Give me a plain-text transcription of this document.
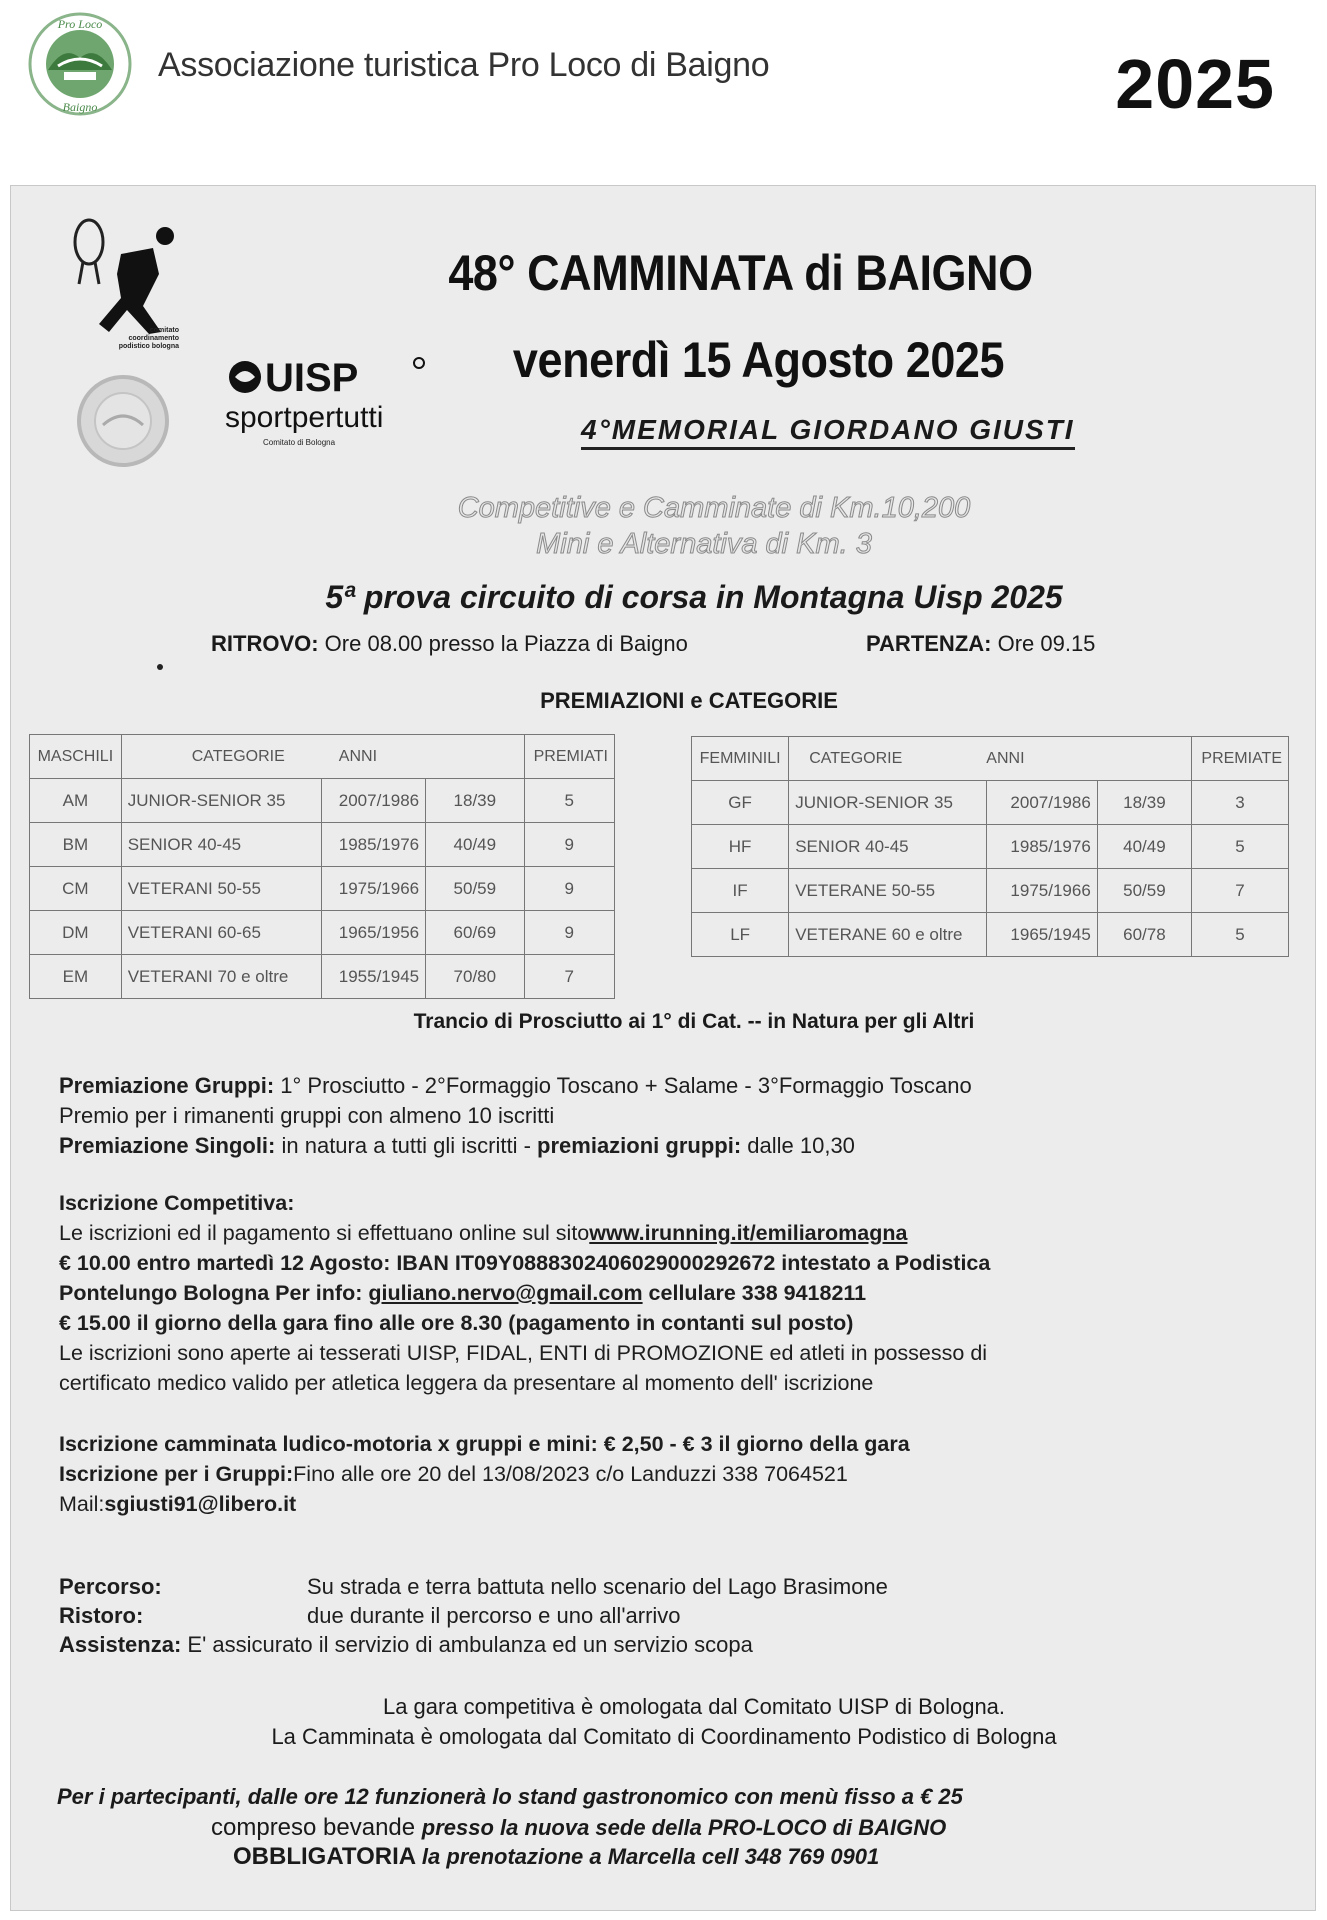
Pro Loco
Baigno
Associazione turistica Pro Loco di Baigno	2025
comitato
coordinamento
podistico bologna
UISP
sportpertutti
Comitato di Bologna
48° CAMMINATA di BAIGNO
venerdì 15 Agosto 2025
4°MEMORIAL GIORDANO GIUSTI
Competitive e Camminate di Km.10,200
Mini e Alternativa di Km. 3
5ª prova circuito di corsa in Montagna Uisp 2025
RITROVO: Ore 08.00 presso la Piazza di Baigno	PARTENZA: Ore 09.15
PREMIAZIONI e CATEGORIE
MASCHILI	CATEGORIE ANNI			PREMIATI
AM	JUNIOR-SENIOR 35	2007/1986	18/39	5
BM	SENIOR 40-45	1985/1976	40/49	9
CM	VETERANI 50-55	1975/1966	50/59	9
DM	VETERANI 60-65	1965/1956	60/69	9
EM	VETERANI 70 e oltre	1955/1945	70/80	7
FEMMINILI	CATEGORIE ANNI			PREMIATE
GF	JUNIOR-SENIOR 35	2007/1986	18/39	3
HF	SENIOR 40-45	1985/1976	40/49	5
IF	VETERANE 50-55	1975/1966	50/59	7
LF	VETERANE 60 e oltre	1965/1945	60/78	5
Trancio di Prosciutto ai 1° di Cat. -- in Natura per gli Altri
Premiazione Gruppi: 1° Prosciutto - 2°Formaggio Toscano + Salame - 3°Formaggio Toscano
Premio per i rimanenti gruppi con almeno 10 iscritti
Premiazione Singoli: in natura a tutti gli iscritti - premiazioni gruppi: dalle 10,30
Iscrizione Competitiva:
Le iscrizioni ed il pagamento si effettuano online sul sitowww.irunning.it/emiliaromagna
€ 10.00 entro martedì 12 Agosto: IBAN IT09Y0888302406029000292672 intestato a Podistica
Pontelungo Bologna Per info: giuliano.nervo@gmail.com cellulare 338 9418211
€ 15.00 il giorno della gara fino alle ore 8.30 (pagamento in contanti sul posto)
Le iscrizioni sono aperte ai tesserati UISP, FIDAL, ENTI di PROMOZIONE ed atleti in possesso di
certificato medico valido per atletica leggera da presentare al momento dell' iscrizione
Iscrizione camminata ludico-motoria x gruppi e mini: € 2,50 - € 3 il giorno della gara
Iscrizione per i Gruppi:Fino alle ore 20 del 13/08/2023 c/o Landuzzi 338 7064521
Mail:sgiusti91@libero.it
Percorso:	Su strada e terra battuta nello scenario del Lago Brasimone
Ristoro:	due durante il percorso e uno all'arrivo
Assistenza: E' assicurato il servizio di ambulanza ed un servizio scopa
La gara competitiva è omologata dal Comitato UISP di Bologna.
La Camminata è omologata dal Comitato di Coordinamento Podistico di Bologna
Per i partecipanti, dalle ore 12 funzionerà lo stand gastronomico con menù fisso a € 25
compreso bevande presso la nuova sede della PRO-LOCO di BAIGNO
OBBLIGATORIA la prenotazione a Marcella cell 348 769 0901
